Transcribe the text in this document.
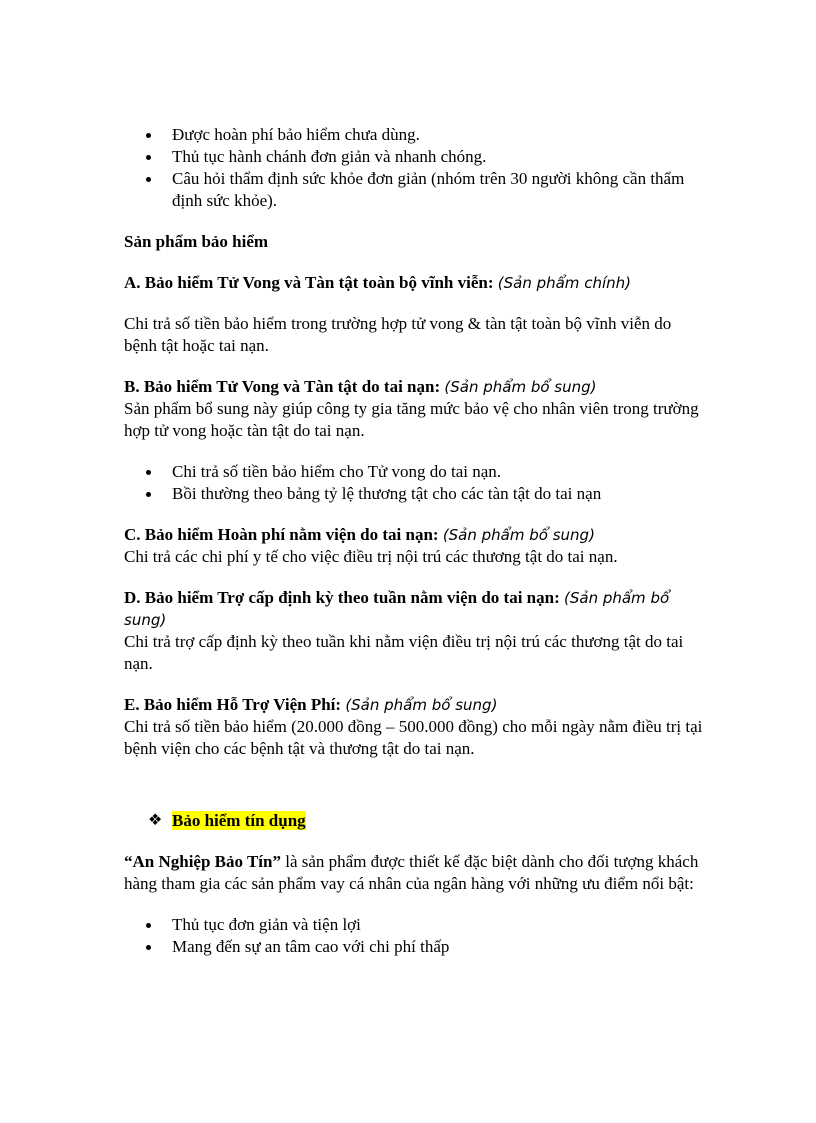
Được hoàn phí bảo hiểm chưa dùng.
Thủ tục hành chánh đơn giản và nhanh chóng.
Câu hỏi thẩm định sức khỏe đơn giản (nhóm trên 30 người không cần thẩm định sức khỏe).

Sản phẩm bảo hiểm

A. Bảo hiểm Tử Vong và Tàn tật toàn bộ vĩnh viễn: (Sản phẩm chính)

Chi trả số tiền bảo hiểm trong trường hợp tử vong & tàn tật toàn bộ vĩnh viễn do bệnh tật hoặc tai nạn.

B. Bảo hiểm Tử Vong và Tàn tật do tai nạn: (Sản phẩm bổ sung)

Sản phẩm bổ sung này giúp công ty gia tăng mức bảo vệ cho nhân viên trong trường hợp tử vong hoặc tàn tật do tai nạn.

Chi trả số tiền bảo hiểm cho Tử vong do tai nạn.
Bồi thường theo bảng tỷ lệ thương tật cho các tàn tật do tai nạn

C. Bảo hiểm Hoàn phí nằm viện do tai nạn: (Sản phẩm bổ sung)

Chi trả các chi phí y tế cho việc điều trị nội trú các thương tật do tai nạn.

D. Bảo hiểm Trợ cấp định kỳ theo tuần nằm viện do tai nạn: (Sản phẩm bổ sung)

Chi trả trợ cấp định kỳ theo tuần khi nằm viện điều trị nội trú các thương tật do tai nạn.

E. Bảo hiểm Hỗ Trợ Viện Phí: (Sản phẩm bổ sung)

Chi trả số tiền bảo hiểm (20.000 đồng – 500.000 đồng) cho mỗi ngày nằm điều trị tại bệnh viện cho các bệnh tật và thương tật do tai nạn.

❖ Bảo hiểm tín dụng

“An Nghiệp Bảo Tín” là sản phẩm được thiết kế đặc biệt dành cho đối tượng khách hàng tham gia các sản phẩm vay cá nhân của ngân hàng với những ưu điểm nổi bật:

Thủ tục đơn giản và tiện lợi
Mang đến sự an tâm cao với chi phí thấp
